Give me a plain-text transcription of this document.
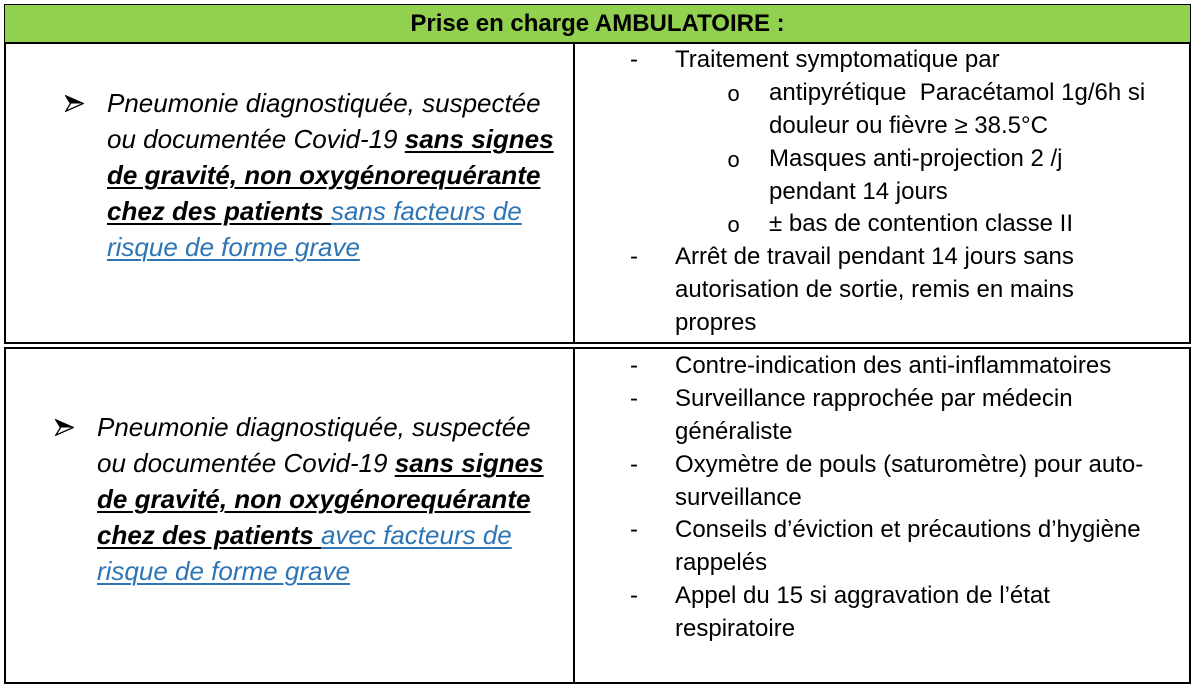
Prise en charge AMBULATOIRE :
Pneumonie diagnostiquée, suspectée
ou documentée Covid-19 sans signes
de gravité, non oxygénorequérante
chez des patients sans facteurs de
risque de forme grave
- Traitement symptomatique par
o antipyrétique  Paracétamol 1g/6h si
douleur ou fièvre ≥ 38.5°C
o Masques anti-projection 2 /j
pendant 14 jours
o ± bas de contention classe II
- Arrêt de travail pendant 14 jours sans
autorisation de sortie, remis en mains
propres
Pneumonie diagnostiquée, suspectée
ou documentée Covid-19 sans signes
de gravité, non oxygénorequérante
chez des patients avec facteurs de
risque de forme grave
- Contre-indication des anti-inflammatoires
- Surveillance rapprochée par médecin
généraliste
- Oxymètre de pouls (saturomètre) pour auto-
surveillance
- Conseils d’éviction et précautions d’hygiène
rappelés
- Appel du 15 si aggravation de l’état
respiratoire
